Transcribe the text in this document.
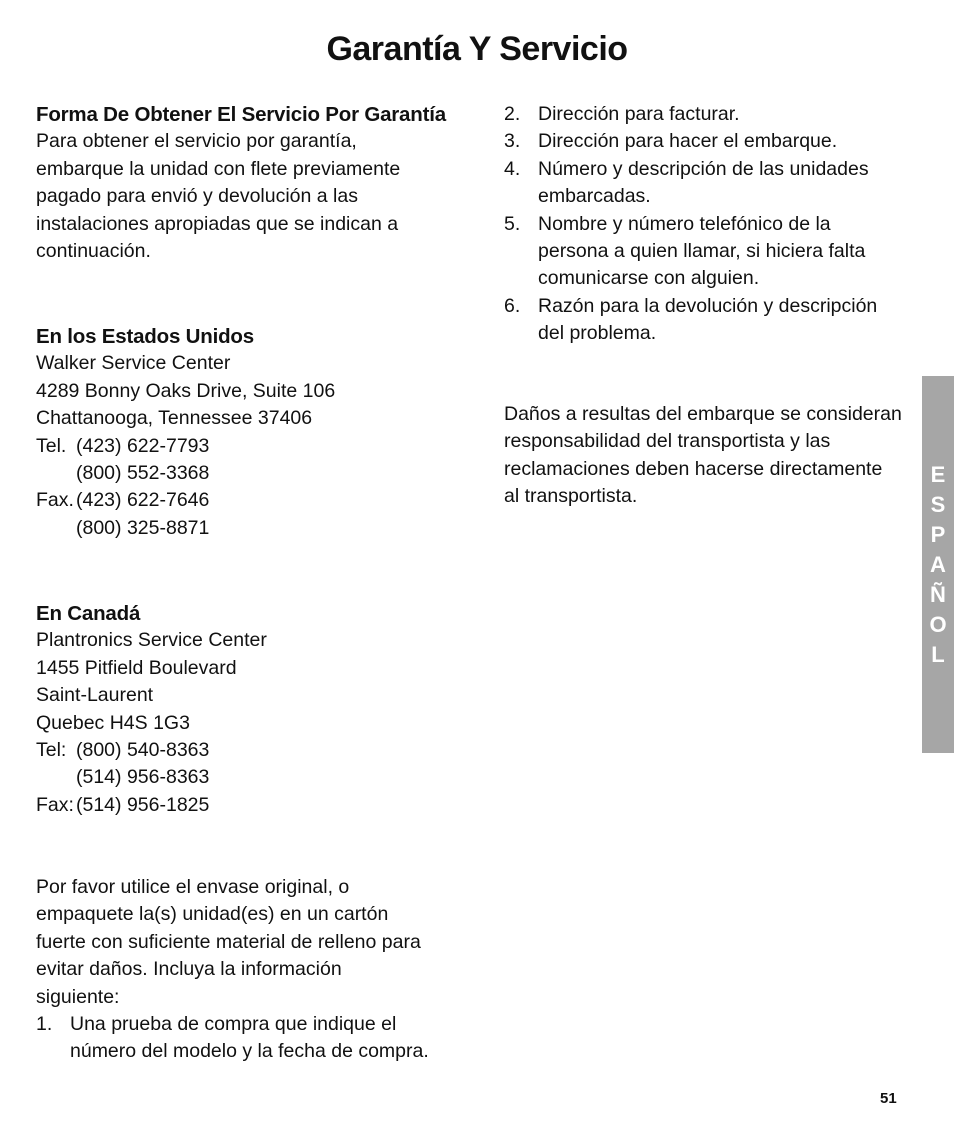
Garantía Y Servicio
Forma De Obtener El Servicio Por Garantía
Para obtener el servicio por garantía,
embarque la unidad con flete previamente
pagado para envió y devolución a las
instalaciones apropiadas que se indican a
continuación.
En los Estados Unidos
Walker Service Center
4289 Bonny Oaks Drive, Suite 106
Chattanooga, Tennessee 37406
Tel. (423) 622-7793
(800) 552-3368
Fax. (423) 622-7646
(800) 325-8871
En Canadá
Plantronics Service Center
1455 Pitfield Boulevard
Saint-Laurent
Quebec H4S 1G3
Tel: (800) 540-8363
(514) 956-8363
Fax: (514) 956-1825
Por favor utilice el envase original, o
empaquete la(s) unidad(es) en un cartón
fuerte con suficiente material de relleno para
evitar daños. Incluya la información
siguiente:
1. Una prueba de compra que indique el
número del modelo y la fecha de compra.
2. Dirección para facturar.
3. Dirección para hacer el embarque.
4. Número y descripción de las unidades
embarcadas.
5. Nombre y número telefónico de la
persona a quien llamar, si hiciera falta
comunicarse con alguien.
6. Razón para la devolución y descripción
del problema.
Daños a resultas del embarque se consideran
responsabilidad del transportista y las
reclamaciones deben hacerse directamente
al transportista.
E
S
P
A
Ñ
O
L
51
